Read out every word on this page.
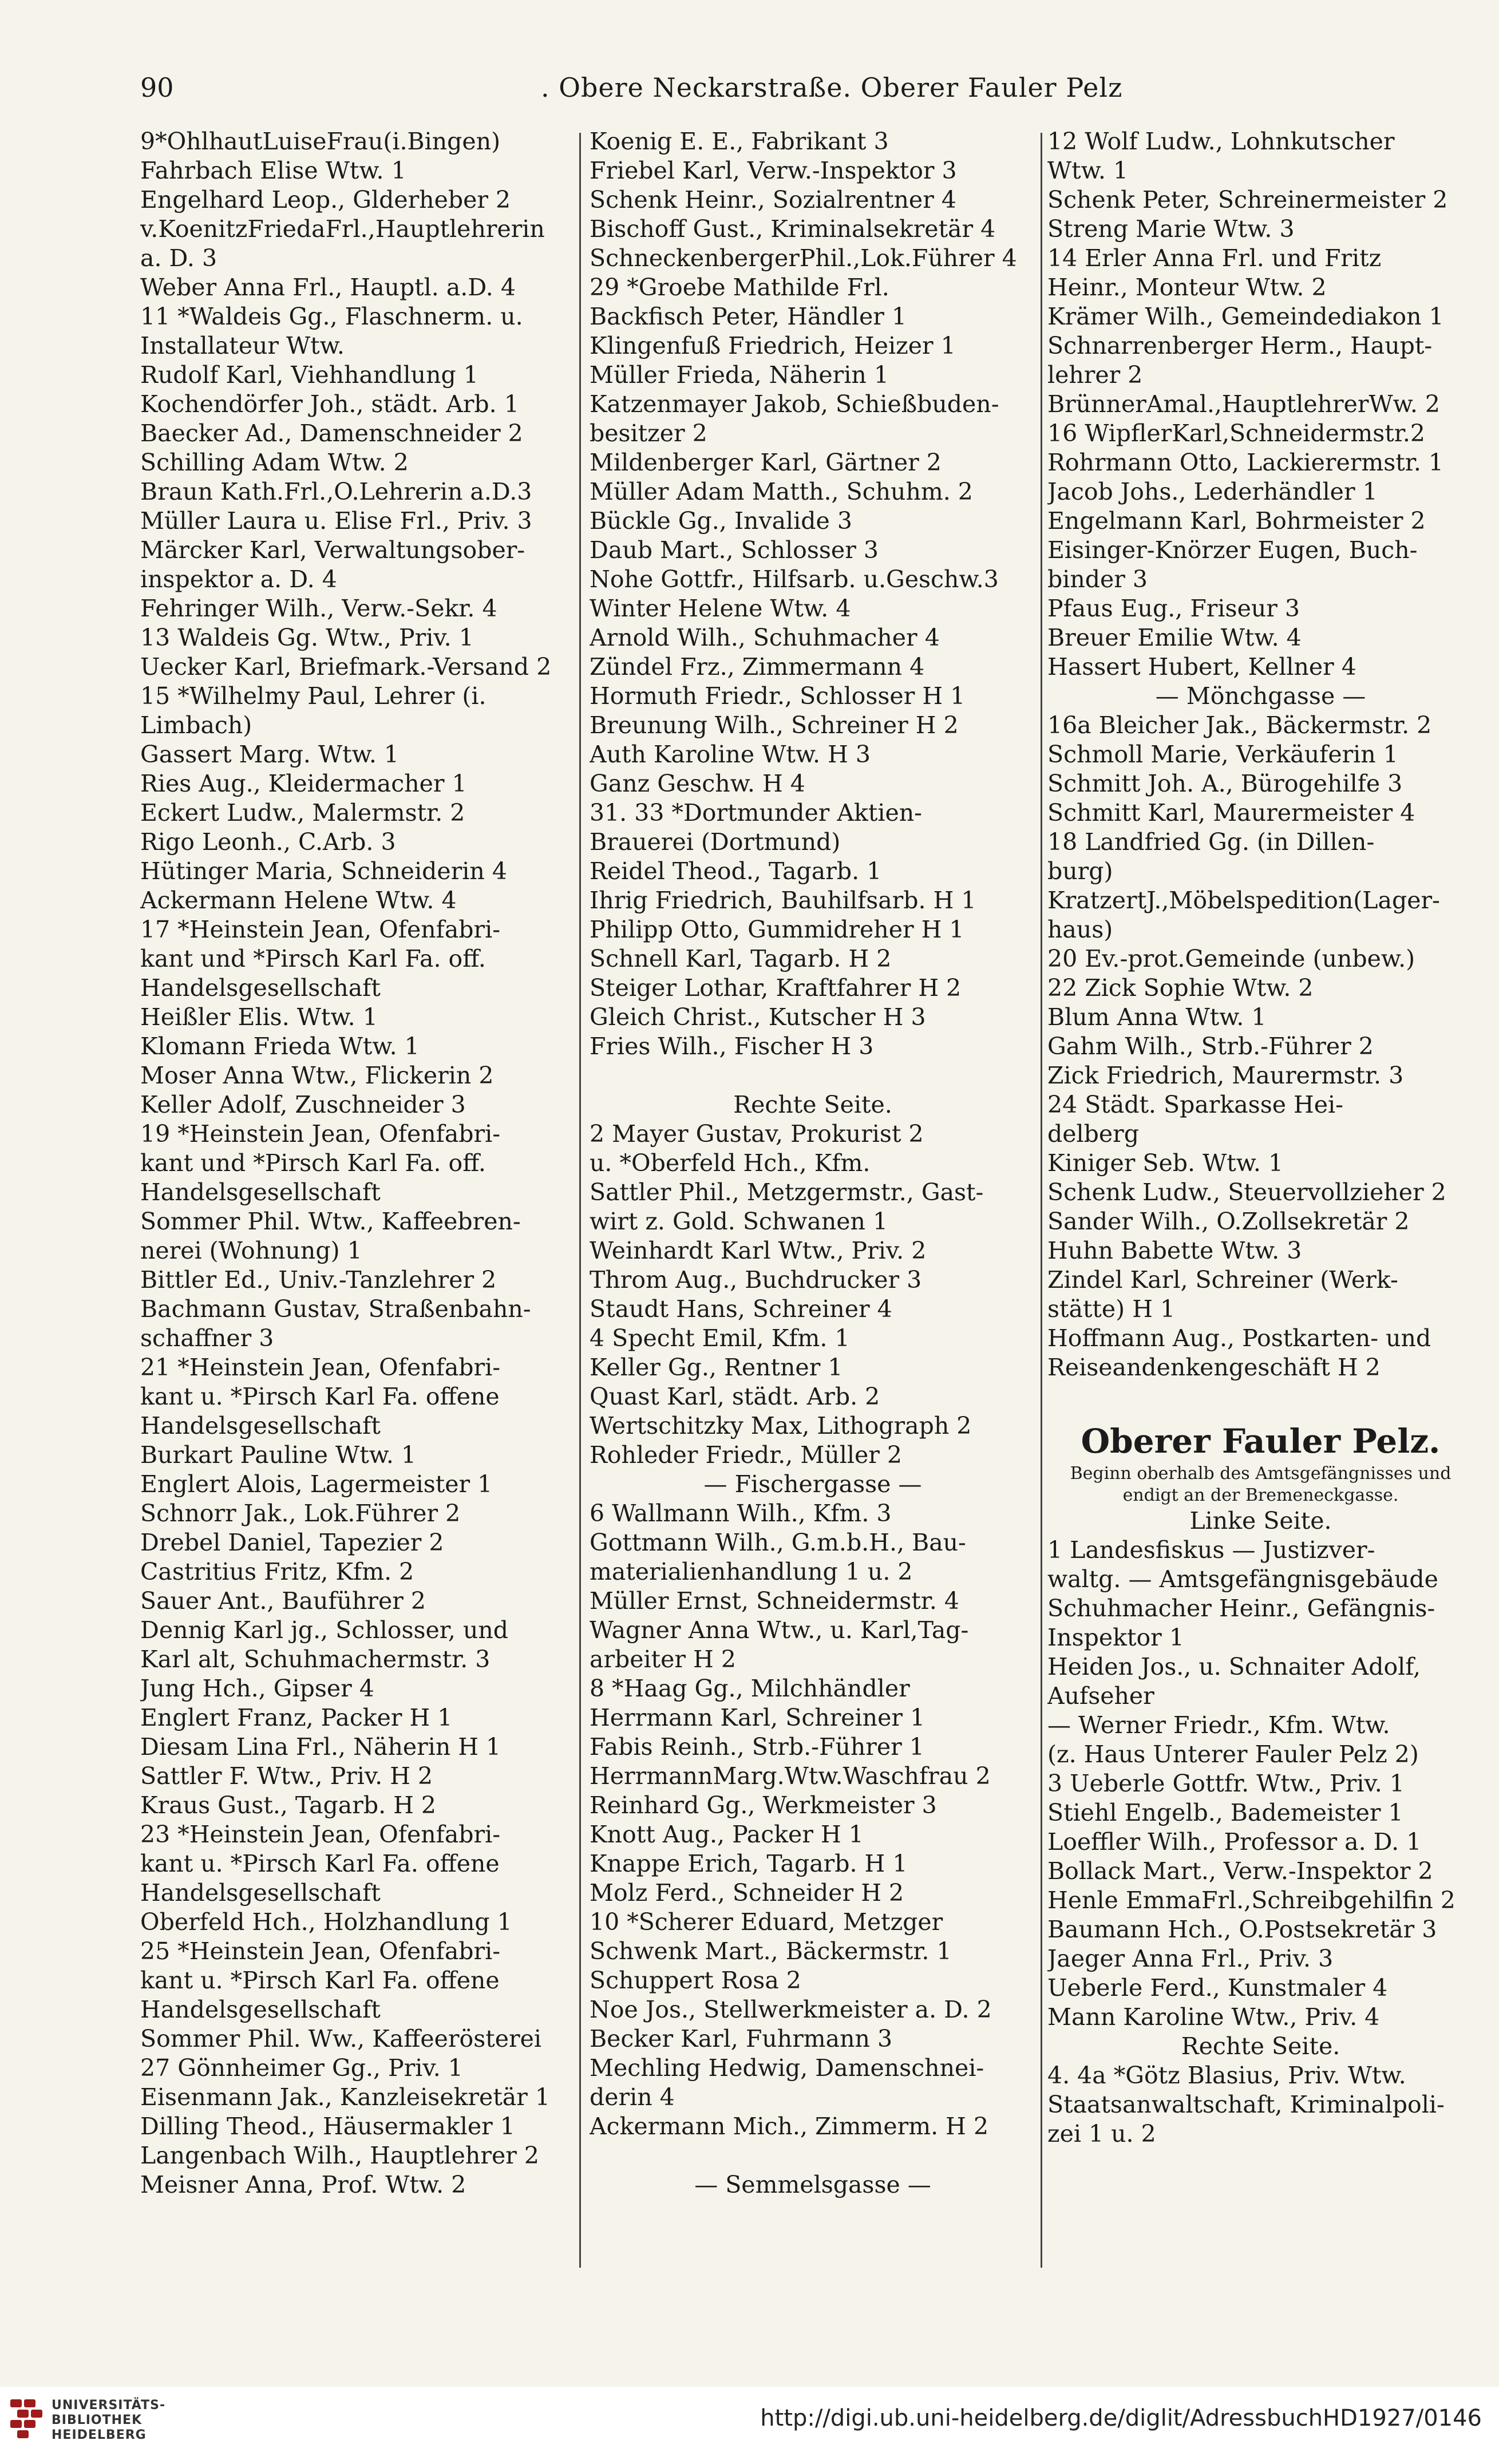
90	. Obere Neckarstraße. Oberer Fauler Pelz
9*OhlhautLuiseFrau(i.Bingen)
Fahrbach Elise Wtw. 1
Engelhard Leop., Glderheber 2
v.KoenitzFriedaFrl.,Hauptlehrerin
a. D. 3
Weber Anna Frl., Hauptl. a.D. 4
11 *Waldeis Gg., Flaschnerm. u.
Installateur Wtw.
Rudolf Karl, Viehhandlung 1
Kochendörfer Joh., städt. Arb. 1
Baecker Ad., Damenschneider 2
Schilling Adam Wtw. 2
Braun Kath.Frl.,O.Lehrerin a.D.3
Müller Laura u. Elise Frl., Priv. 3
Märcker Karl, Verwaltungsober-
inspektor a. D. 4
Fehringer Wilh., Verw.-Sekr. 4
13 Waldeis Gg. Wtw., Priv. 1
Uecker Karl, Briefmark.-Versand 2
15 *Wilhelmy Paul, Lehrer (i.
Limbach)
Gassert Marg. Wtw. 1
Ries Aug., Kleidermacher 1
Eckert Ludw., Malermstr. 2
Rigo Leonh., C.Arb. 3
Hütinger Maria, Schneiderin 4
Ackermann Helene Wtw. 4
17 *Heinstein Jean, Ofenfabri-
kant und *Pirsch Karl Fa. off.
Handelsgesellschaft
Heißler Elis. Wtw. 1
Klomann Frieda Wtw. 1
Moser Anna Wtw., Flickerin 2
Keller Adolf, Zuschneider 3
19 *Heinstein Jean, Ofenfabri-
kant und *Pirsch Karl Fa. off.
Handelsgesellschaft
Sommer Phil. Wtw., Kaffeebren-
nerei (Wohnung) 1
Bittler Ed., Univ.-Tanzlehrer 2
Bachmann Gustav, Straßenbahn-
schaffner 3
21 *Heinstein Jean, Ofenfabri-
kant u. *Pirsch Karl Fa. offene
Handelsgesellschaft
Burkart Pauline Wtw. 1
Englert Alois, Lagermeister 1
Schnorr Jak., Lok.Führer 2
Drebel Daniel, Tapezier 2
Castritius Fritz, Kfm. 2
Sauer Ant., Bauführer 2
Dennig Karl jg., Schlosser, und
Karl alt, Schuhmachermstr. 3
Jung Hch., Gipser 4
Englert Franz, Packer H 1
Diesam Lina Frl., Näherin H 1
Sattler F. Wtw., Priv. H 2
Kraus Gust., Tagarb. H 2
23 *Heinstein Jean, Ofenfabri-
kant u. *Pirsch Karl Fa. offene
Handelsgesellschaft
Oberfeld Hch., Holzhandlung 1
25 *Heinstein Jean, Ofenfabri-
kant u. *Pirsch Karl Fa. offene
Handelsgesellschaft
Sommer Phil. Ww., Kaffeerösterei
27 Gönnheimer Gg., Priv. 1
Eisenmann Jak., Kanzleisekretär 1
Dilling Theod., Häusermakler 1
Langenbach Wilh., Hauptlehrer 2
Meisner Anna, Prof. Wtw. 2
Koenig E. E., Fabrikant 3
Friebel Karl, Verw.-Inspektor 3
Schenk Heinr., Sozialrentner 4
Bischoff Gust., Kriminalsekretär 4
SchneckenbergerPhil.,Lok.Führer 4
29 *Groebe Mathilde Frl.
Backfisch Peter, Händler 1
Klingenfuß Friedrich, Heizer 1
Müller Frieda, Näherin 1
Katzenmayer Jakob, Schießbuden-
besitzer 2
Mildenberger Karl, Gärtner 2
Müller Adam Matth., Schuhm. 2
Bückle Gg., Invalide 3
Daub Mart., Schlosser 3
Nohe Gottfr., Hilfsarb. u.Geschw.3
Winter Helene Wtw. 4
Arnold Wilh., Schuhmacher 4
Zündel Frz., Zimmermann 4
Hormuth Friedr., Schlosser H 1
Breunung Wilh., Schreiner H 2
Auth Karoline Wtw. H 3
Ganz Geschw. H 4
31. 33 *Dortmunder Aktien-
Brauerei (Dortmund)
Reidel Theod., Tagarb. 1
Ihrig Friedrich, Bauhilfsarb. H 1
Philipp Otto, Gummidreher H 1
Schnell Karl, Tagarb. H 2
Steiger Lothar, Kraftfahrer H 2
Gleich Christ., Kutscher H 3
Fries Wilh., Fischer H 3
Rechte Seite.
2 Mayer Gustav, Prokurist 2
u. *Oberfeld Hch., Kfm.
Sattler Phil., Metzgermstr., Gast-
wirt z. Gold. Schwanen 1
Weinhardt Karl Wtw., Priv. 2
Throm Aug., Buchdrucker 3
Staudt Hans, Schreiner 4
4 Specht Emil, Kfm. 1
Keller Gg., Rentner 1
Quast Karl, städt. Arb. 2
Wertschitzky Max, Lithograph 2
Rohleder Friedr., Müller 2
— Fischergasse —
6 Wallmann Wilh., Kfm. 3
Gottmann Wilh., G.m.b.H., Bau-
materialienhandlung 1 u. 2
Müller Ernst, Schneidermstr. 4
Wagner Anna Wtw., u. Karl,Tag-
arbeiter H 2
8 *Haag Gg., Milchhändler
Herrmann Karl, Schreiner 1
Fabis Reinh., Strb.-Führer 1
HerrmannMarg.Wtw.Waschfrau 2
Reinhard Gg., Werkmeister 3
Knott Aug., Packer H 1
Knappe Erich, Tagarb. H 1
Molz Ferd., Schneider H 2
10 *Scherer Eduard, Metzger
Schwenk Mart., Bäckermstr. 1
Schuppert Rosa 2
Noe Jos., Stellwerkmeister a. D. 2
Becker Karl, Fuhrmann 3
Mechling Hedwig, Damenschnei-
derin 4
Ackermann Mich., Zimmerm. H 2
— Semmelsgasse —
12 Wolf Ludw., Lohnkutscher
Wtw. 1
Schenk Peter, Schreinermeister 2
Streng Marie Wtw. 3
14 Erler Anna Frl. und Fritz
Heinr., Monteur Wtw. 2
Krämer Wilh., Gemeindediakon 1
Schnarrenberger Herm., Haupt-
lehrer 2
BrünnerAmal.,HauptlehrerWw. 2
16 WipflerKarl,Schneidermstr.2
Rohrmann Otto, Lackierermstr. 1
Jacob Johs., Lederhändler 1
Engelmann Karl, Bohrmeister 2
Eisinger-Knörzer Eugen, Buch-
binder 3
Pfaus Eug., Friseur 3
Breuer Emilie Wtw. 4
Hassert Hubert, Kellner 4
— Mönchgasse —
16a Bleicher Jak., Bäckermstr. 2
Schmoll Marie, Verkäuferin 1
Schmitt Joh. A., Bürogehilfe 3
Schmitt Karl, Maurermeister 4
18 Landfried Gg. (in Dillen-
burg)
KratzertJ.,Möbelspedition(Lager-
haus)
20 Ev.-prot.Gemeinde (unbew.)
22 Zick Sophie Wtw. 2
Blum Anna Wtw. 1
Gahm Wilh., Strb.-Führer 2
Zick Friedrich, Maurermstr. 3
24 Städt. Sparkasse Hei-
delberg
Kiniger Seb. Wtw. 1
Schenk Ludw., Steuervollzieher 2
Sander Wilh., O.Zollsekretär 2
Huhn Babette Wtw. 3
Zindel Karl, Schreiner (Werk-
stätte) H 1
Hoffmann Aug., Postkarten- und
Reiseandenkengeschäft H 2
Oberer Fauler Pelz.
Beginn oberhalb des Amtsgefängnisses und
endigt an der Bremeneckgasse.
Linke Seite.
1 Landesfiskus — Justizver-
waltg. — Amtsgefängnisgebäude
Schuhmacher Heinr., Gefängnis-
Inspektor 1
Heiden Jos., u. Schnaiter Adolf,
Aufseher
— Werner Friedr., Kfm. Wtw.
(z. Haus Unterer Fauler Pelz 2)
3 Ueberle Gottfr. Wtw., Priv. 1
Stiehl Engelb., Bademeister 1
Loeffler Wilh., Professor a. D. 1
Bollack Mart., Verw.-Inspektor 2
Henle EmmaFrl.,Schreibgehilfin 2
Baumann Hch., O.Postsekretär 3
Jaeger Anna Frl., Priv. 3
Ueberle Ferd., Kunstmaler 4
Mann Karoline Wtw., Priv. 4
Rechte Seite.
4. 4a *Götz Blasius, Priv. Wtw.
Staatsanwaltschaft, Kriminalpoli-
zei 1 u. 2
UNIVERSITÄTS-
BIBLIOTHEK
HEIDELBERG
http://digi.ub.uni-heidelberg.de/diglit/AdressbuchHD1927/0146
